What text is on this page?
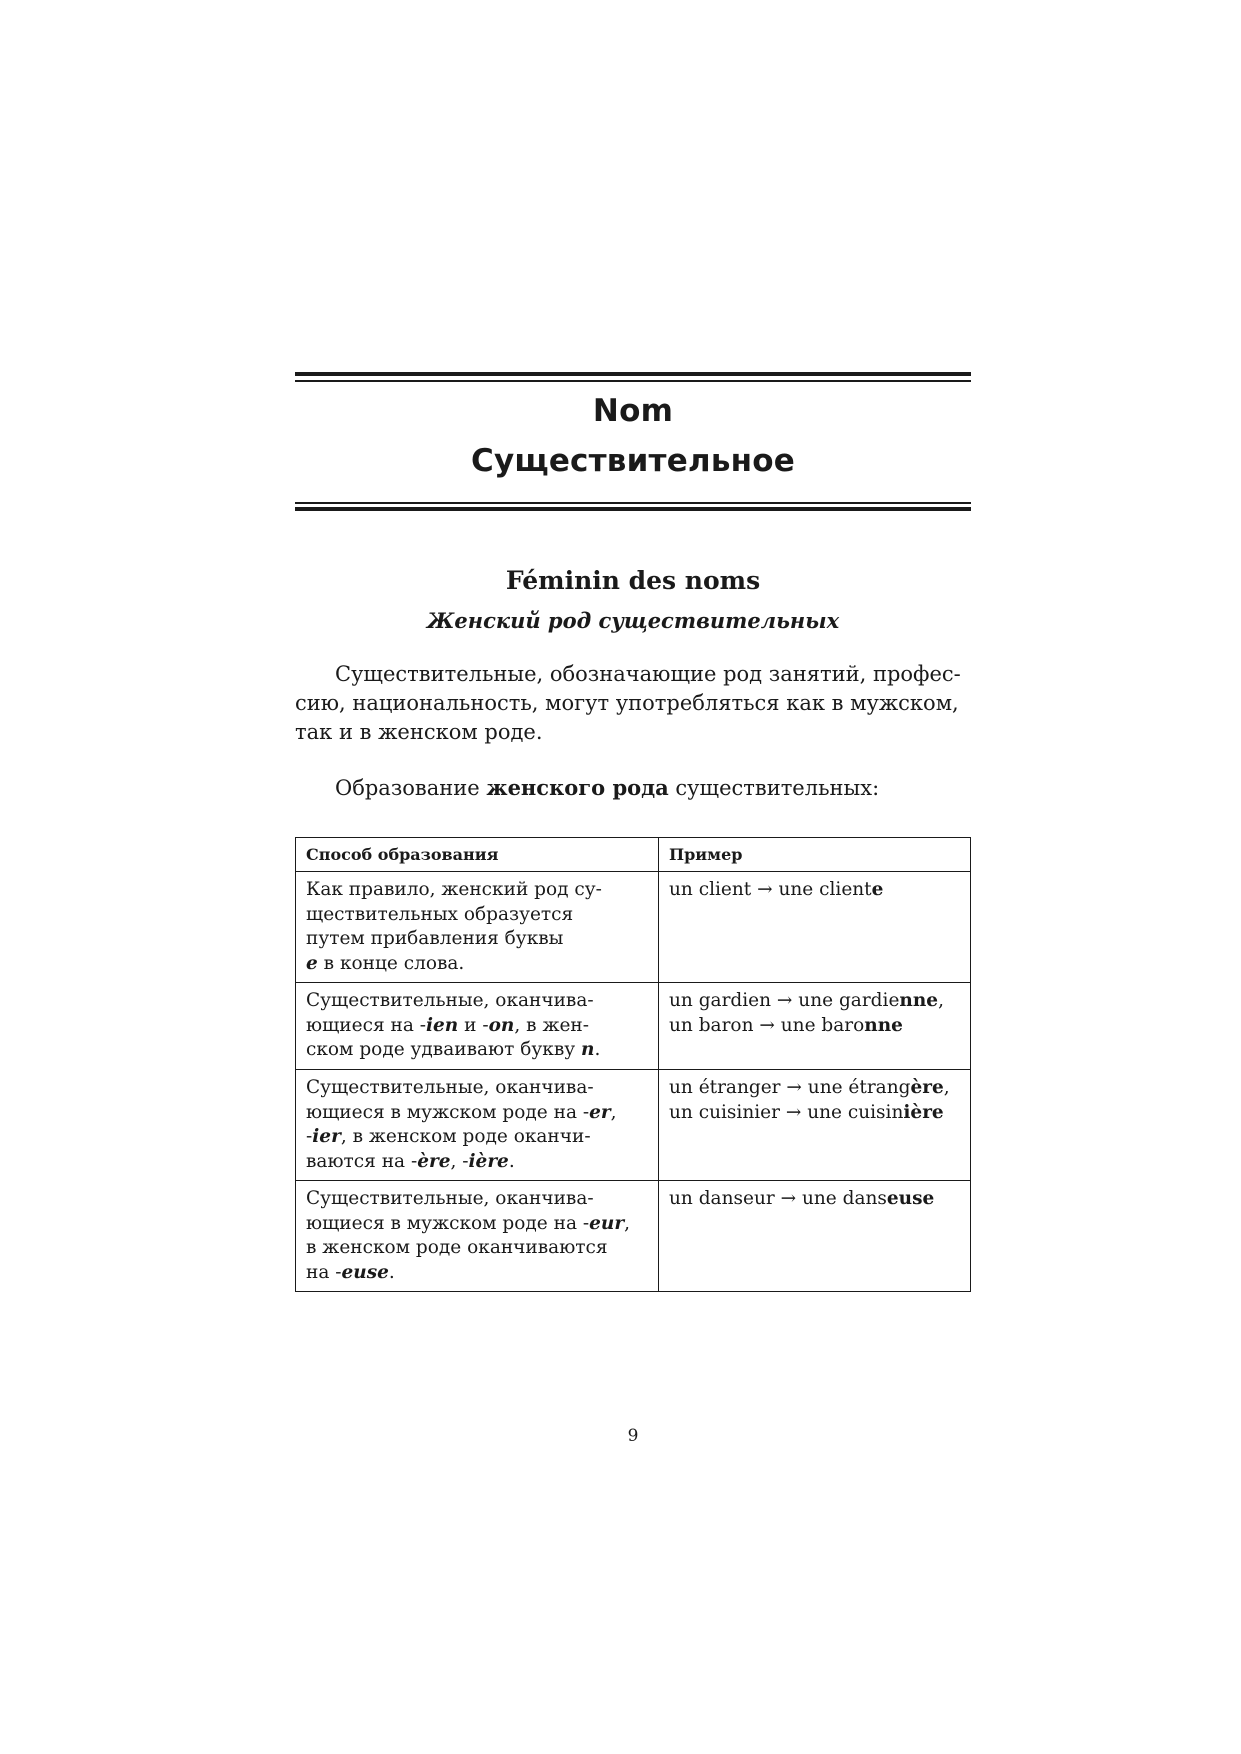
Nom
Существительное
Féminin des noms
Женский род существительных
Существительные, обозначающие род занятий, профес-
сию, национальность, могут употребляться как в мужском,
так и в женском роде.
Образование женского рода существительных:
Способ образования	Пример

Как правило, женский род су-
ществительных образуется
путем прибавления буквы
e в конце слова.	un client → une cliente

Существительные, оканчива-
ющиеся на -ien и -on, в жен-
ском роде удваивают букву n.	un gardien → une gardienne,
un baron → une baronne

Существительные, оканчива-
ющиеся в мужском роде на -er,
-ier, в женском роде оканчи-
ваются на -ère, -ière.	un étranger → une étrangère,
un cuisinier → une cuisinière

Существительные, оканчива-
ющиеся в мужском роде на -eur,
в женском роде оканчиваются
на -euse.	un danseur → une danseuse
9
